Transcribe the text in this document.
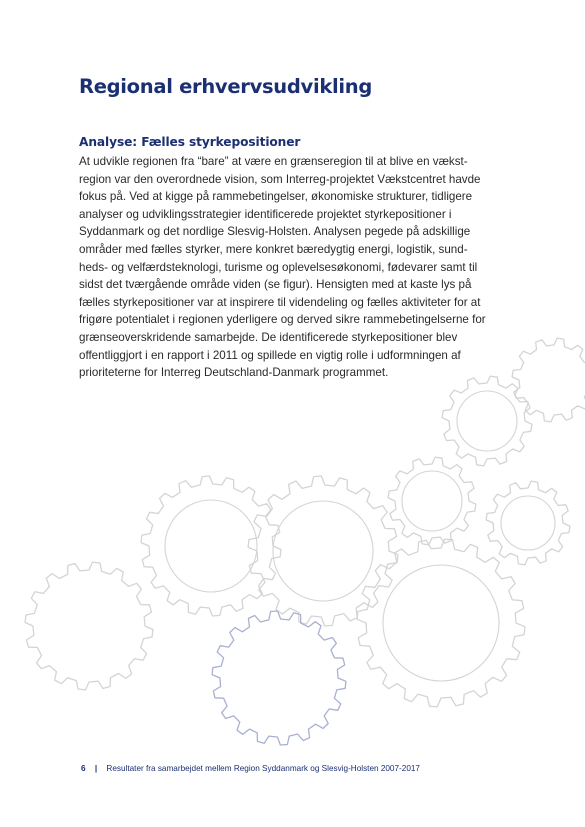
Regional erhvervsudvikling
Analyse: Fælles styrkepositioner

At udvikle regionen fra “bare” at være en grænseregion til at blive en vækst-
region var den overordnede vision, som Interreg-projektet Vækstcentret havde
fokus på. Ved at kigge på rammebetingelser, økonomiske strukturer, tidligere
analyser og udviklingsstrategier identificerede projektet styrkepositioner i
Syddanmark og det nordlige Slesvig-Holsten. Analysen pegede på adskillige
områder med fælles styrker, mere konkret bæredygtig energi, logistik, sund-
heds- og velfærdsteknologi, turisme og oplevelsesøkonomi, fødevarer samt til
sidst det tværgående område viden (se figur). Hensigten med at kaste lys på
fælles styrkepositioner var at inspirere til videndeling og fælles aktiviteter for at
frigøre potentialet i regionen yderligere og derved sikre rammebetingelserne for
grænseoverskridende samarbejde. De identificerede styrkepositioner blev
offentliggjort i en rapport i 2011 og spillede en vigtig rolle i udformningen af
prioriteterne for Interreg Deutschland-Danmark programmet.

6 | Resultater fra samarbejdet mellem Region Syddanmark og Slesvig-Holsten 2007-2017
